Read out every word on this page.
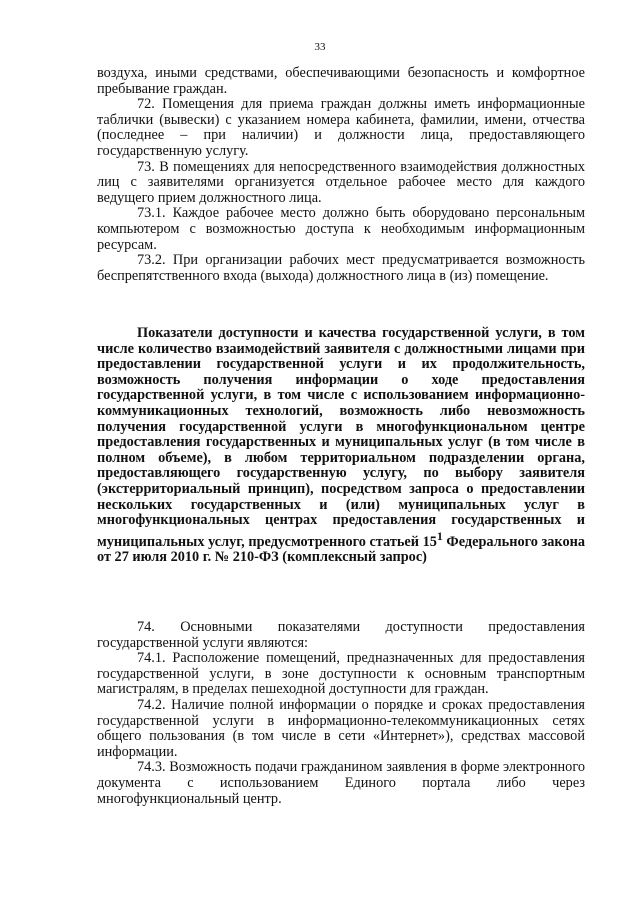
33

воздуха, иными средствами, обеспечивающими безопасность и комфортное пребывание граждан.

72. Помещения для приема граждан должны иметь информационные таблички (вывески) с указанием номера кабинета, фамилии, имени, отчества (последнее – при наличии) и должности лица, предоставляющего государственную услугу.

73. В помещениях для непосредственного взаимодействия должностных лиц с заявителями организуется отдельное рабочее место для каждого ведущего прием должностного лица.

73.1. Каждое рабочее место должно быть оборудовано персональным компьютером с возможностью доступа к необходимым информационным ресурсам.

73.2. При организации рабочих мест предусматривается возможность беспрепятственного входа (выхода) должностного лица в (из) помещение.

Показатели доступности и качества государственной услуги, в том числе количество взаимодействий заявителя с должностными лицами при предоставлении государственной услуги и их продолжительность, возможность получения информации о ходе предоставления государственной услуги, в том числе с использованием информационно-коммуникационных технологий, возможность либо невозможность получения государственной услуги в многофункциональном центре предоставления государственных и муниципальных услуг (в том числе в полном объеме), в любом территориальном подразделении органа, предоставляющего государственную услугу, по выбору заявителя (экстерриториальный принцип), посредством запроса о предоставлении нескольких государственных и (или) муниципальных услуг в многофункциональных центрах предоставления государственных и муниципальных услуг, предусмотренного статьей $15^1$ Федерального закона от 27 июля 2010 г. № 210-ФЗ (комплексный запрос)

74. Основными показателями доступности предоставления государственной услуги являются:

74.1. Расположение помещений, предназначенных для предоставления государственной услуги, в зоне доступности к основным транспортным магистралям, в пределах пешеходной доступности для граждан.

74.2. Наличие полной информации о порядке и сроках предоставления государственной услуги в информационно-телекоммуникационных сетях общего пользования (в том числе в сети «Интернет»), средствах массовой информации.

74.3. Возможность подачи гражданином заявления в форме электронного документа с использованием Единого портала либо через многофункциональный центр.
